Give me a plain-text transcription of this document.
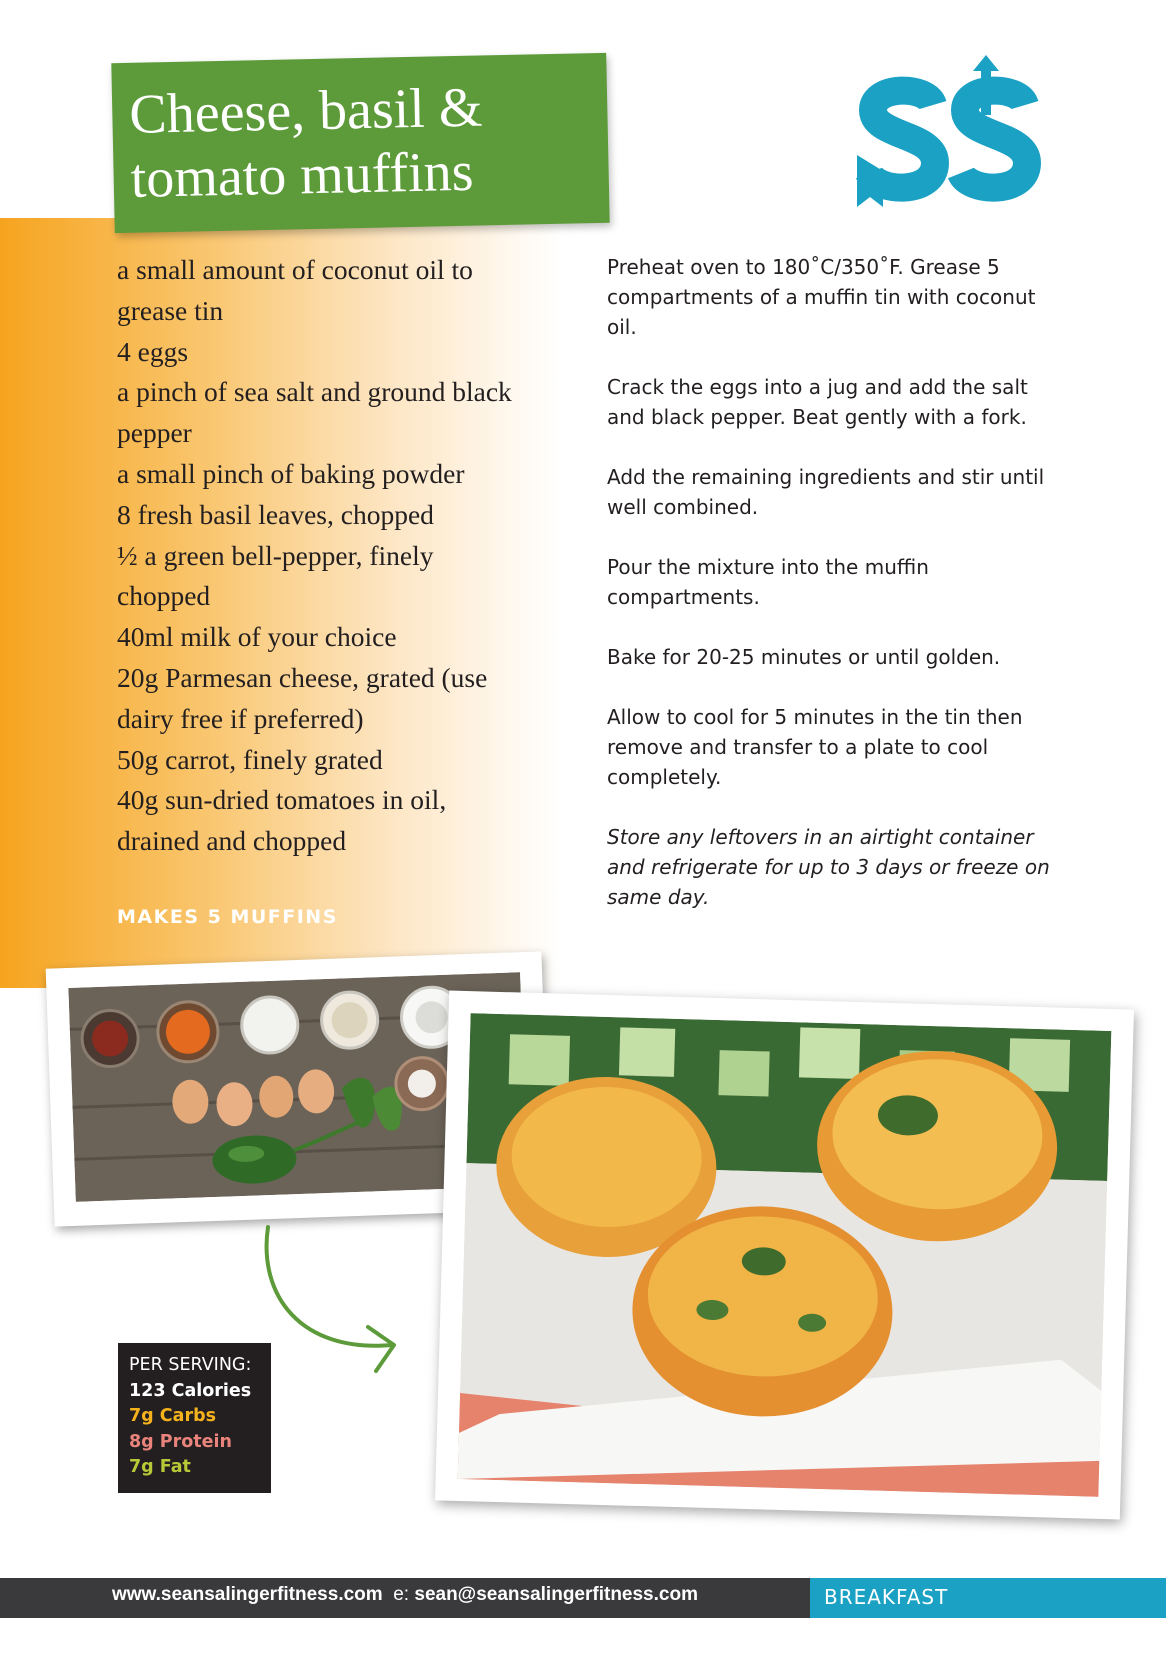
Cheese, basil &
tomato muffins
a small amount of coconut oil to
grease tin
4 eggs
a pinch of sea salt and ground black
pepper
a small pinch of baking powder
8 fresh basil leaves, chopped
½ a green bell-pepper, finely
chopped
40ml milk of your choice
20g Parmesan cheese, grated (use
dairy free if preferred)
50g carrot, finely grated
40g sun-dried tomatoes in oil,
drained and chopped
MAKES 5 MUFFINS

Preheat oven to 180˚C/350˚F. Grease 5 compartments of a muffin tin with coconut oil.

Crack the eggs into a jug and add the salt and black pepper. Beat gently with a fork.

Add the remaining ingredients and stir until well combined.

Pour the mixture into the muffin compartments.

Bake for 20-25 minutes or until golden.

Allow to cool for 5 minutes in the tin then remove and transfer to a plate to cool completely.

Store any leftovers in an airtight container and refrigerate for up to 3 days or freeze on same day.

PER SERVING:
123 Calories
7g Carbs
8g Protein
7g Fat
www.seansalingerfitness.com e: sean@seansalingerfitness.com	BREAKFAST
